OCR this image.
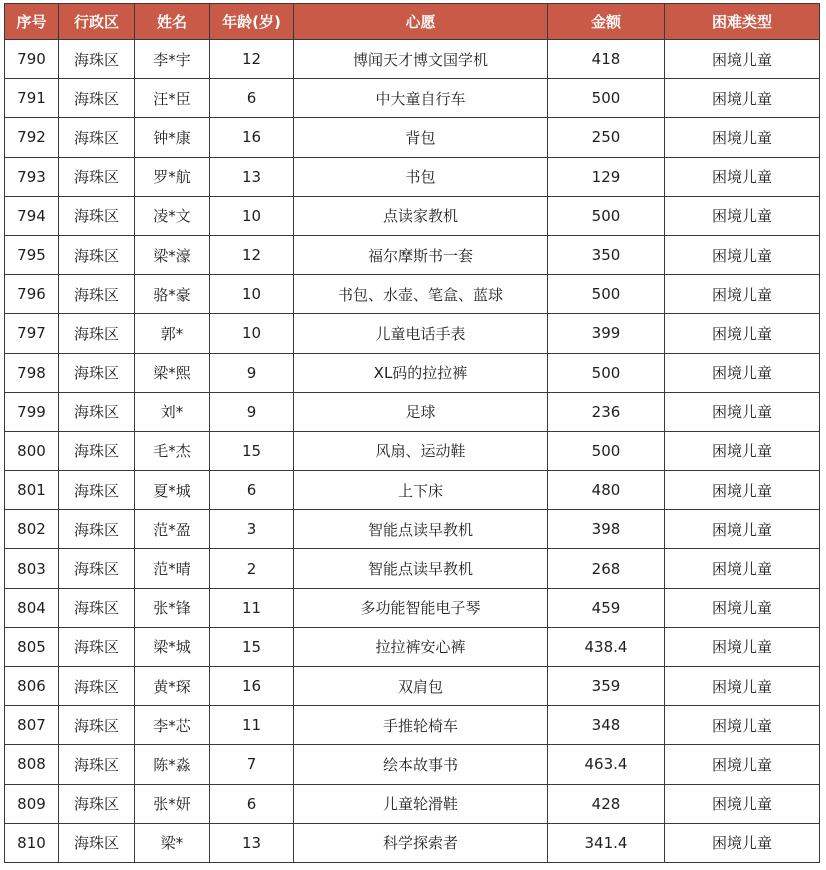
序号	行政区	姓名	年龄(岁)	心愿	金额	困难类型
790	海珠区	李*宇	12	博闻天才博文国学机	418	困境儿童
791	海珠区	汪*臣	6	中大童自行车	500	困境儿童
792	海珠区	钟*康	16	背包	250	困境儿童
793	海珠区	罗*航	13	书包	129	困境儿童
794	海珠区	凌*文	10	点读家教机	500	困境儿童
795	海珠区	梁*濠	12	福尔摩斯书一套	350	困境儿童
796	海珠区	骆*豪	10	书包、水壶、笔盒、蓝球	500	困境儿童
797	海珠区	郭*	10	儿童电话手表	399	困境儿童
798	海珠区	梁*熙	9	XL码的拉拉裤	500	困境儿童
799	海珠区	刘*	9	足球	236	困境儿童
800	海珠区	毛*杰	15	风扇、运动鞋	500	困境儿童
801	海珠区	夏*城	6	上下床	480	困境儿童
802	海珠区	范*盈	3	智能点读早教机	398	困境儿童
803	海珠区	范*晴	2	智能点读早教机	268	困境儿童
804	海珠区	张*锋	11	多功能智能电子琴	459	困境儿童
805	海珠区	梁*城	15	拉拉裤安心裤	438.4	困境儿童
806	海珠区	黄*琛	16	双肩包	359	困境儿童
807	海珠区	李*芯	11	手推轮椅车	348	困境儿童
808	海珠区	陈*淼	7	绘本故事书	463.4	困境儿童
809	海珠区	张*妍	6	儿童轮滑鞋	428	困境儿童
810	海珠区	梁*	13	科学探索者	341.4	困境儿童
